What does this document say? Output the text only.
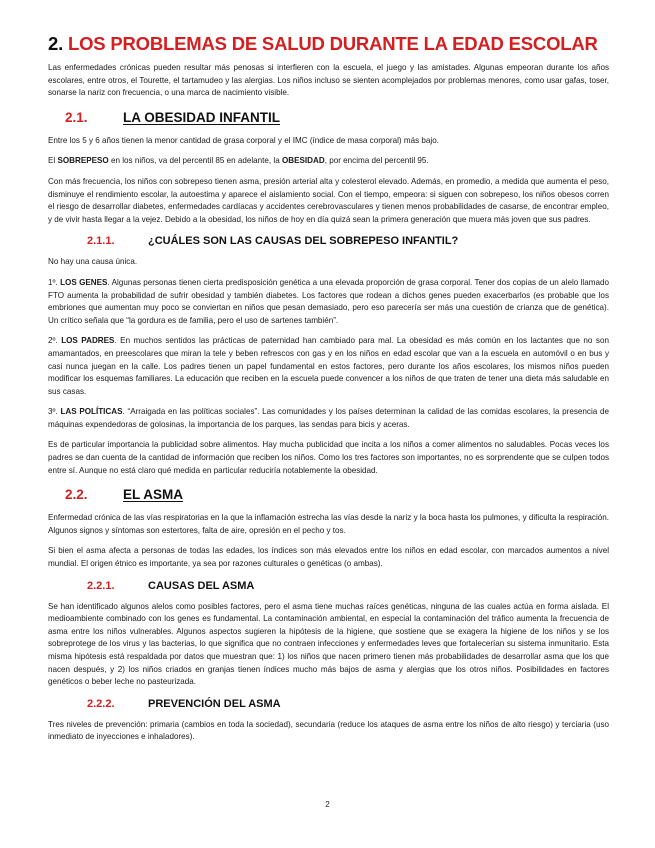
2. LOS PROBLEMAS DE SALUD DURANTE LA EDAD ESCOLAR

Las enfermedades crónicas pueden resultar más penosas si interfieren con la escuela, el juego y las amistades. Algunas empeoran durante los años escolares, entre otros, el Tourette, el tartamudeo y las alergias. Los niños incluso se sienten acomplejados por problemas menores, como usar gafas, toser, sonarse la nariz con frecuencia, o una marca de nacimiento visible.

2.1.	LA OBESIDAD INFANTIL

Entre los 5 y 6 años tienen la menor cantidad de grasa corporal y el IMC (índice de masa corporal) más bajo.

El SOBREPESO en los niños, va del percentil 85 en adelante, la OBESIDAD, por encima del percentil 95.

Con más frecuencia, los niños con sobrepeso tienen asma, presión arterial alta y colesterol elevado. Además, en promedio, a medida que aumenta el peso, disminuye el rendimiento escolar, la autoestima y aparece el aislamiento social. Con el tiempo, empeora: si siguen con sobrepeso, los niños obesos corren el riesgo de desarrollar diabetes, enfermedades cardíacas y accidentes cerebrovasculares y tienen menos probabilidades de casarse, de encontrar empleo, y de vivir hasta llegar a la vejez. Debido a la obesidad, los niños de hoy en día quizá sean la primera generación que muera más joven que sus padres.

2.1.1.	¿CUÁLES SON LAS CAUSAS DEL SOBREPESO INFANTIL?

No hay una causa única.

1º. LOS GENES. Algunas personas tienen cierta predisposición genética a una elevada proporción de grasa corporal. Tener dos copias de un alelo llamado FTO aumenta la probabilidad de sufrir obesidad y también diabetes. Los factores que rodean a dichos genes pueden exacerbarlos (es probable que los embriones que aumentan muy poco se conviertan en niños que pesan demasiado, pero eso parecería ser más una cuestión de crianza que de genética). Un crítico señala que “la gordura es de familia, pero el uso de sartenes también”.

2º. LOS PADRES. En muchos sentidos las prácticas de paternidad han cambiado para mal. La obesidad es más común en los lactantes que no son amamantados, en preescolares que miran la tele y beben refrescos con gas y en los niños en edad escolar que van a la escuela en automóvil o en bus y casi nunca juegan en la calle. Los padres tienen un papel fundamental en estos factores, pero durante los años escolares, los mismos niños pueden modificar los esquemas familiares. La educación que reciben en la escuela puede convencer a los niños de que traten de tener una dieta más saludable en sus casas.

3º. LAS POLÍTICAS. “Arraigada en las políticas sociales”. Las comunidades y los países determinan la calidad de las comidas escolares, la presencia de máquinas expendedoras de golosinas, la importancia de los parques, las sendas para bicis y aceras.

Es de particular importancia la publicidad sobre alimentos. Hay mucha publicidad que incita a los niños a comer alimentos no saludables. Pocas veces los padres se dan cuenta de la cantidad de información que reciben los niños. Como los tres factores son importantes, no es sorprendente que se culpen todos entre sí. Aunque no está claro qué medida en particular reduciría notablemente la obesidad.

2.2.	EL ASMA

Enfermedad crónica de las vías respiratorias en la que la inflamación estrecha las vías desde la nariz y la boca hasta los pulmones, y dificulta la respiración. Algunos signos y síntomas son estertores, falta de aire, opresión en el pecho y tos.

Si bien el asma afecta a personas de todas las edades, los índices son más elevados entre los niños en edad escolar, con marcados aumentos a nivel mundial. El origen étnico es importante, ya sea por razones culturales o genéticas (o ambas).

2.2.1.	CAUSAS DEL ASMA

Se han identificado algunos alelos como posibles factores, pero el asma tiene muchas raíces genéticas, ninguna de las cuales actúa en forma aislada. El medioambiente combinado con los genes es fundamental. La contaminación ambiental, en especial la contaminación del tráfico aumenta la frecuencia de asma entre los niños vulnerables. Algunos aspectos sugieren la hipótesis de la higiene, que sostiene que se exagera la higiene de los niños y se los sobreprotege de los virus y las bacterias, lo que significa que no contraen infecciones y enfermedades leves que fortalecerían su sistema inmunitario. Esta misma hipótesis está respaldada por datos que muestran que: 1) los niños que nacen primero tienen más probabilidades de desarrollar asma que los que nacen después, y 2) los niños criados en granjas tienen índices mucho más bajos de asma y alergias que los otros niños. Posibilidades en factores genéticos o beber leche no pasteurizada.

2.2.2.	PREVENCIÓN DEL ASMA

Tres niveles de prevención: primaria (cambios en toda la sociedad), secundaria (reduce los ataques de asma entre los niños de alto riesgo) y terciaria (uso inmediato de inyecciones e inhaladores).

2
